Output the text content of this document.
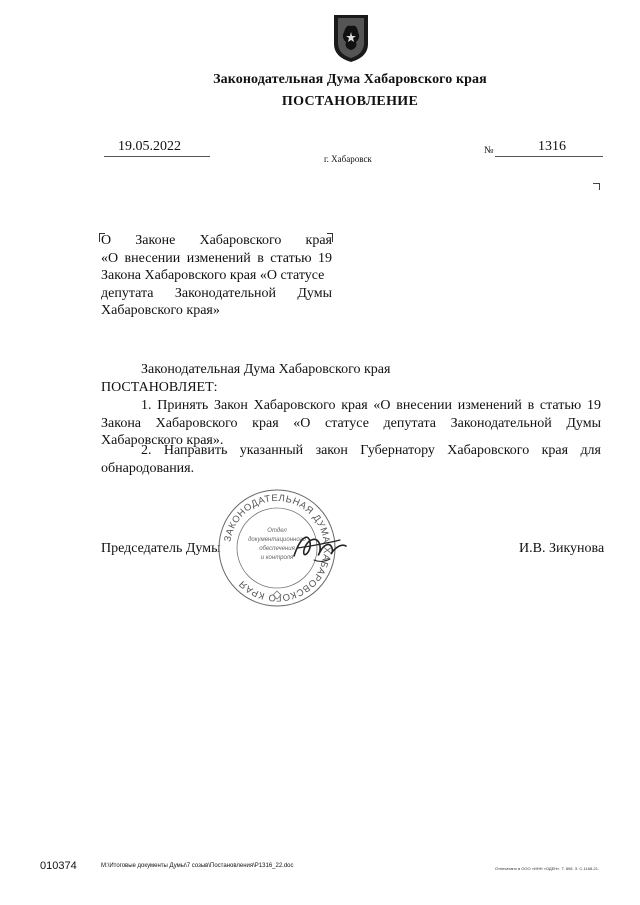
Законодательная Дума Хабаровского края
ПОСТАНОВЛЕНИЕ
19.05.2022
г. Хабаровск
№	1316
О Законе Хабаровского края
«О внесении изменений в статью 19
Закона Хабаровского края «О статусе
депутата Законодательной Думы
Хабаровского края»
Законодательная Дума Хабаровского края
ПОСТАНОВЛЯЕТ:
1. Принять Закон Хабаровского края «О внесении изменений в статью 19 Закона Хабаровского края «О статусе депутата Законодательной Думы Хабаровского края».
2. Направить указанный закон Губернатору Хабаровского края для обнародования.
Председатель Думы	И.В. Зикунова
ЗАКОНОДАТЕЛЬНАЯ ДУМА ХАБАРОВСКОГО КРАЯ
Отдел
документационного
обеспечения
и контроля
010374	M:\Итоговые документы Думы\7 созыв\Постановления\P1316_22.doc	Отпечатано в ООО «ИНН «ОДЕН». Т. 898. З. С-1168-21.
